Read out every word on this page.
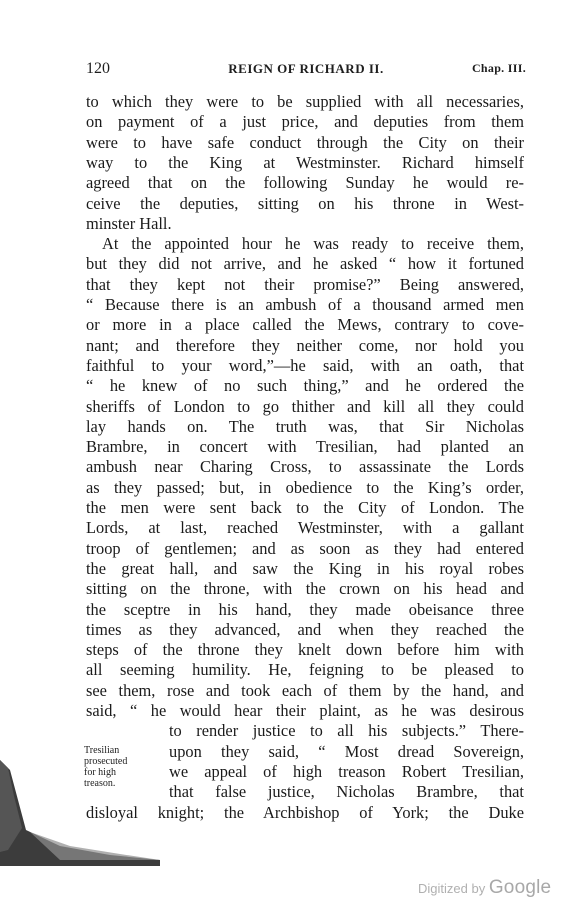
120	REIGN OF RICHARD II.	Chap. III.
to which they were to be supplied with all necessaries,
on payment of a just price, and deputies from them
were to have safe conduct through the City on their
way to the King at Westminster. Richard himself
agreed that on the following Sunday he would re-
ceive the deputies, sitting on his throne in West-
minster Hall.
At the appointed hour he was ready to receive them,
but they did not arrive, and he asked “ how it fortuned
that they kept not their promise?” Being answered,
“ Because there is an ambush of a thousand armed men
or more in a place called the Mews, contrary to cove-
nant; and therefore they neither come, nor hold you
faithful to your word,”—he said, with an oath, that
“ he knew of no such thing,” and he ordered the
sheriffs of London to go thither and kill all they could
lay hands on. The truth was, that Sir Nicholas
Brambre, in concert with Tresilian, had planted an
ambush near Charing Cross, to assassinate the Lords
as they passed; but, in obedience to the King’s order,
the men were sent back to the City of London. The
Lords, at last, reached Westminster, with a gallant
troop of gentlemen; and as soon as they had entered
the great hall, and saw the King in his royal robes
sitting on the throne, with the crown on his head and
the sceptre in his hand, they made obeisance three
times as they advanced, and when they reached the
steps of the throne they knelt down before him with
all seeming humility. He, feigning to be pleased to
see them, rose and took each of them by the hand, and
said, “ he would hear their plaint, as he was desirous
to render justice to all his subjects.” There-
upon they said, “ Most dread Sovereign,
we appeal of high treason Robert Tresilian,
that false justice, Nicholas Brambre, that
disloyal knight; the Archbishop of York; the Duke
Tresilian
prosecuted
for high
treason.
Digitized by Google
